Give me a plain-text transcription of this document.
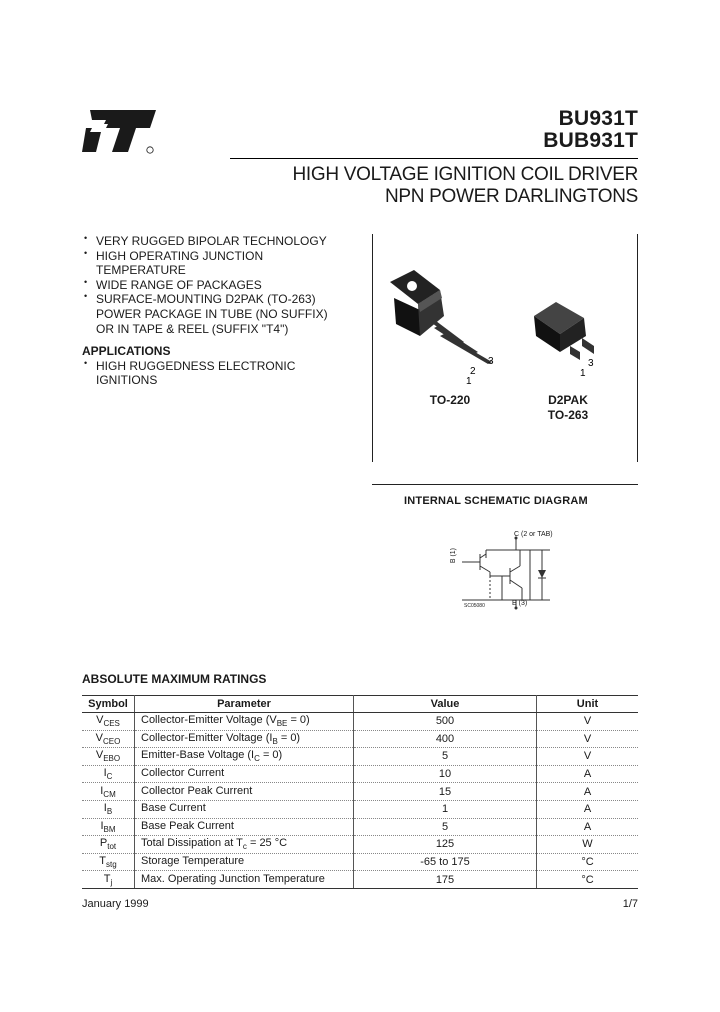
BU931T
BUB931T
HIGH VOLTAGE IGNITION COIL DRIVER
NPN POWER DARLINGTONS
• VERY RUGGED BIPOLAR TECHNOLOGY
• HIGH OPERATING JUNCTION TEMPERATURE
• WIDE RANGE OF PACKAGES
• SURFACE-MOUNTING D2PAK (TO-263) POWER PACKAGE IN TUBE (NO SUFFIX) OR IN TAPE & REEL (SUFFIX "T4")
APPLICATIONS
• HIGH RUGGEDNESS ELECTRONIC IGNITIONS
2
3
1
3
1
TO-220	D2PAK
TO-263
INTERNAL SCHEMATIC DIAGRAM
C (2 or TAB)
B (1)
E (3)
SC05080
ABSOLUTE MAXIMUM RATINGS
Symbol	Parameter	Value	Unit
$V_{CES}$	Collector-Emitter Voltage $(V_{BE} = 0)$	500	V
$V_{CEO}$	Collector-Emitter Voltage $(I_B = 0)$	400	V
$V_{EBO}$	Emitter-Base Voltage $(I_C = 0)$	5	V
$I_C$	Collector Current	10	A
$I_{CM}$	Collector Peak Current	15	A
$I_B$	Base Current	1	A
$I_{BM}$	Base Peak Current	5	A
$P_{tot}$	Total Dissipation at $T_c = 25$ °C	125	W
$T_{stg}$	Storage Temperature	-65 to 175	°C
$T_j$	Max. Operating Junction Temperature	175	°C
January 1999	1/7
